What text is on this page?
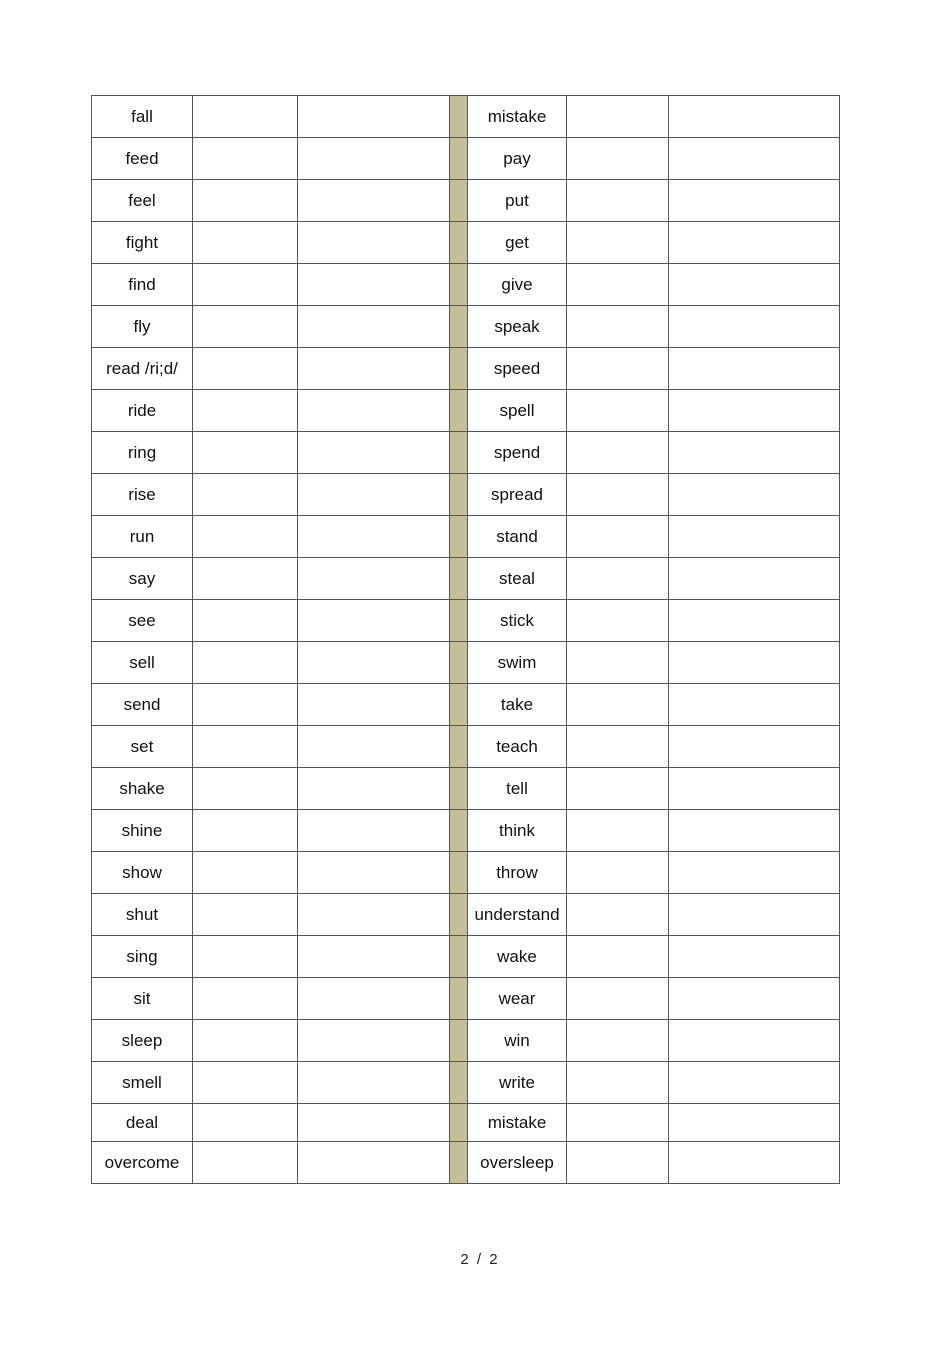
fall				mistake		
feed				pay		
feel				put		
fight				get		
find				give		
fly				speak		
read /ri;d/				speed		
ride				spell		
ring				spend		
rise				spread		
run				stand		
say				steal		
see				stick		
sell				swim		
send				take		
set				teach		
shake				tell		
shine				think		
show				throw		
shut				understand		
sing				wake		
sit				wear		
sleep				win		
smell				write		
deal				mistake		
overcome				oversleep		
2 / 2
